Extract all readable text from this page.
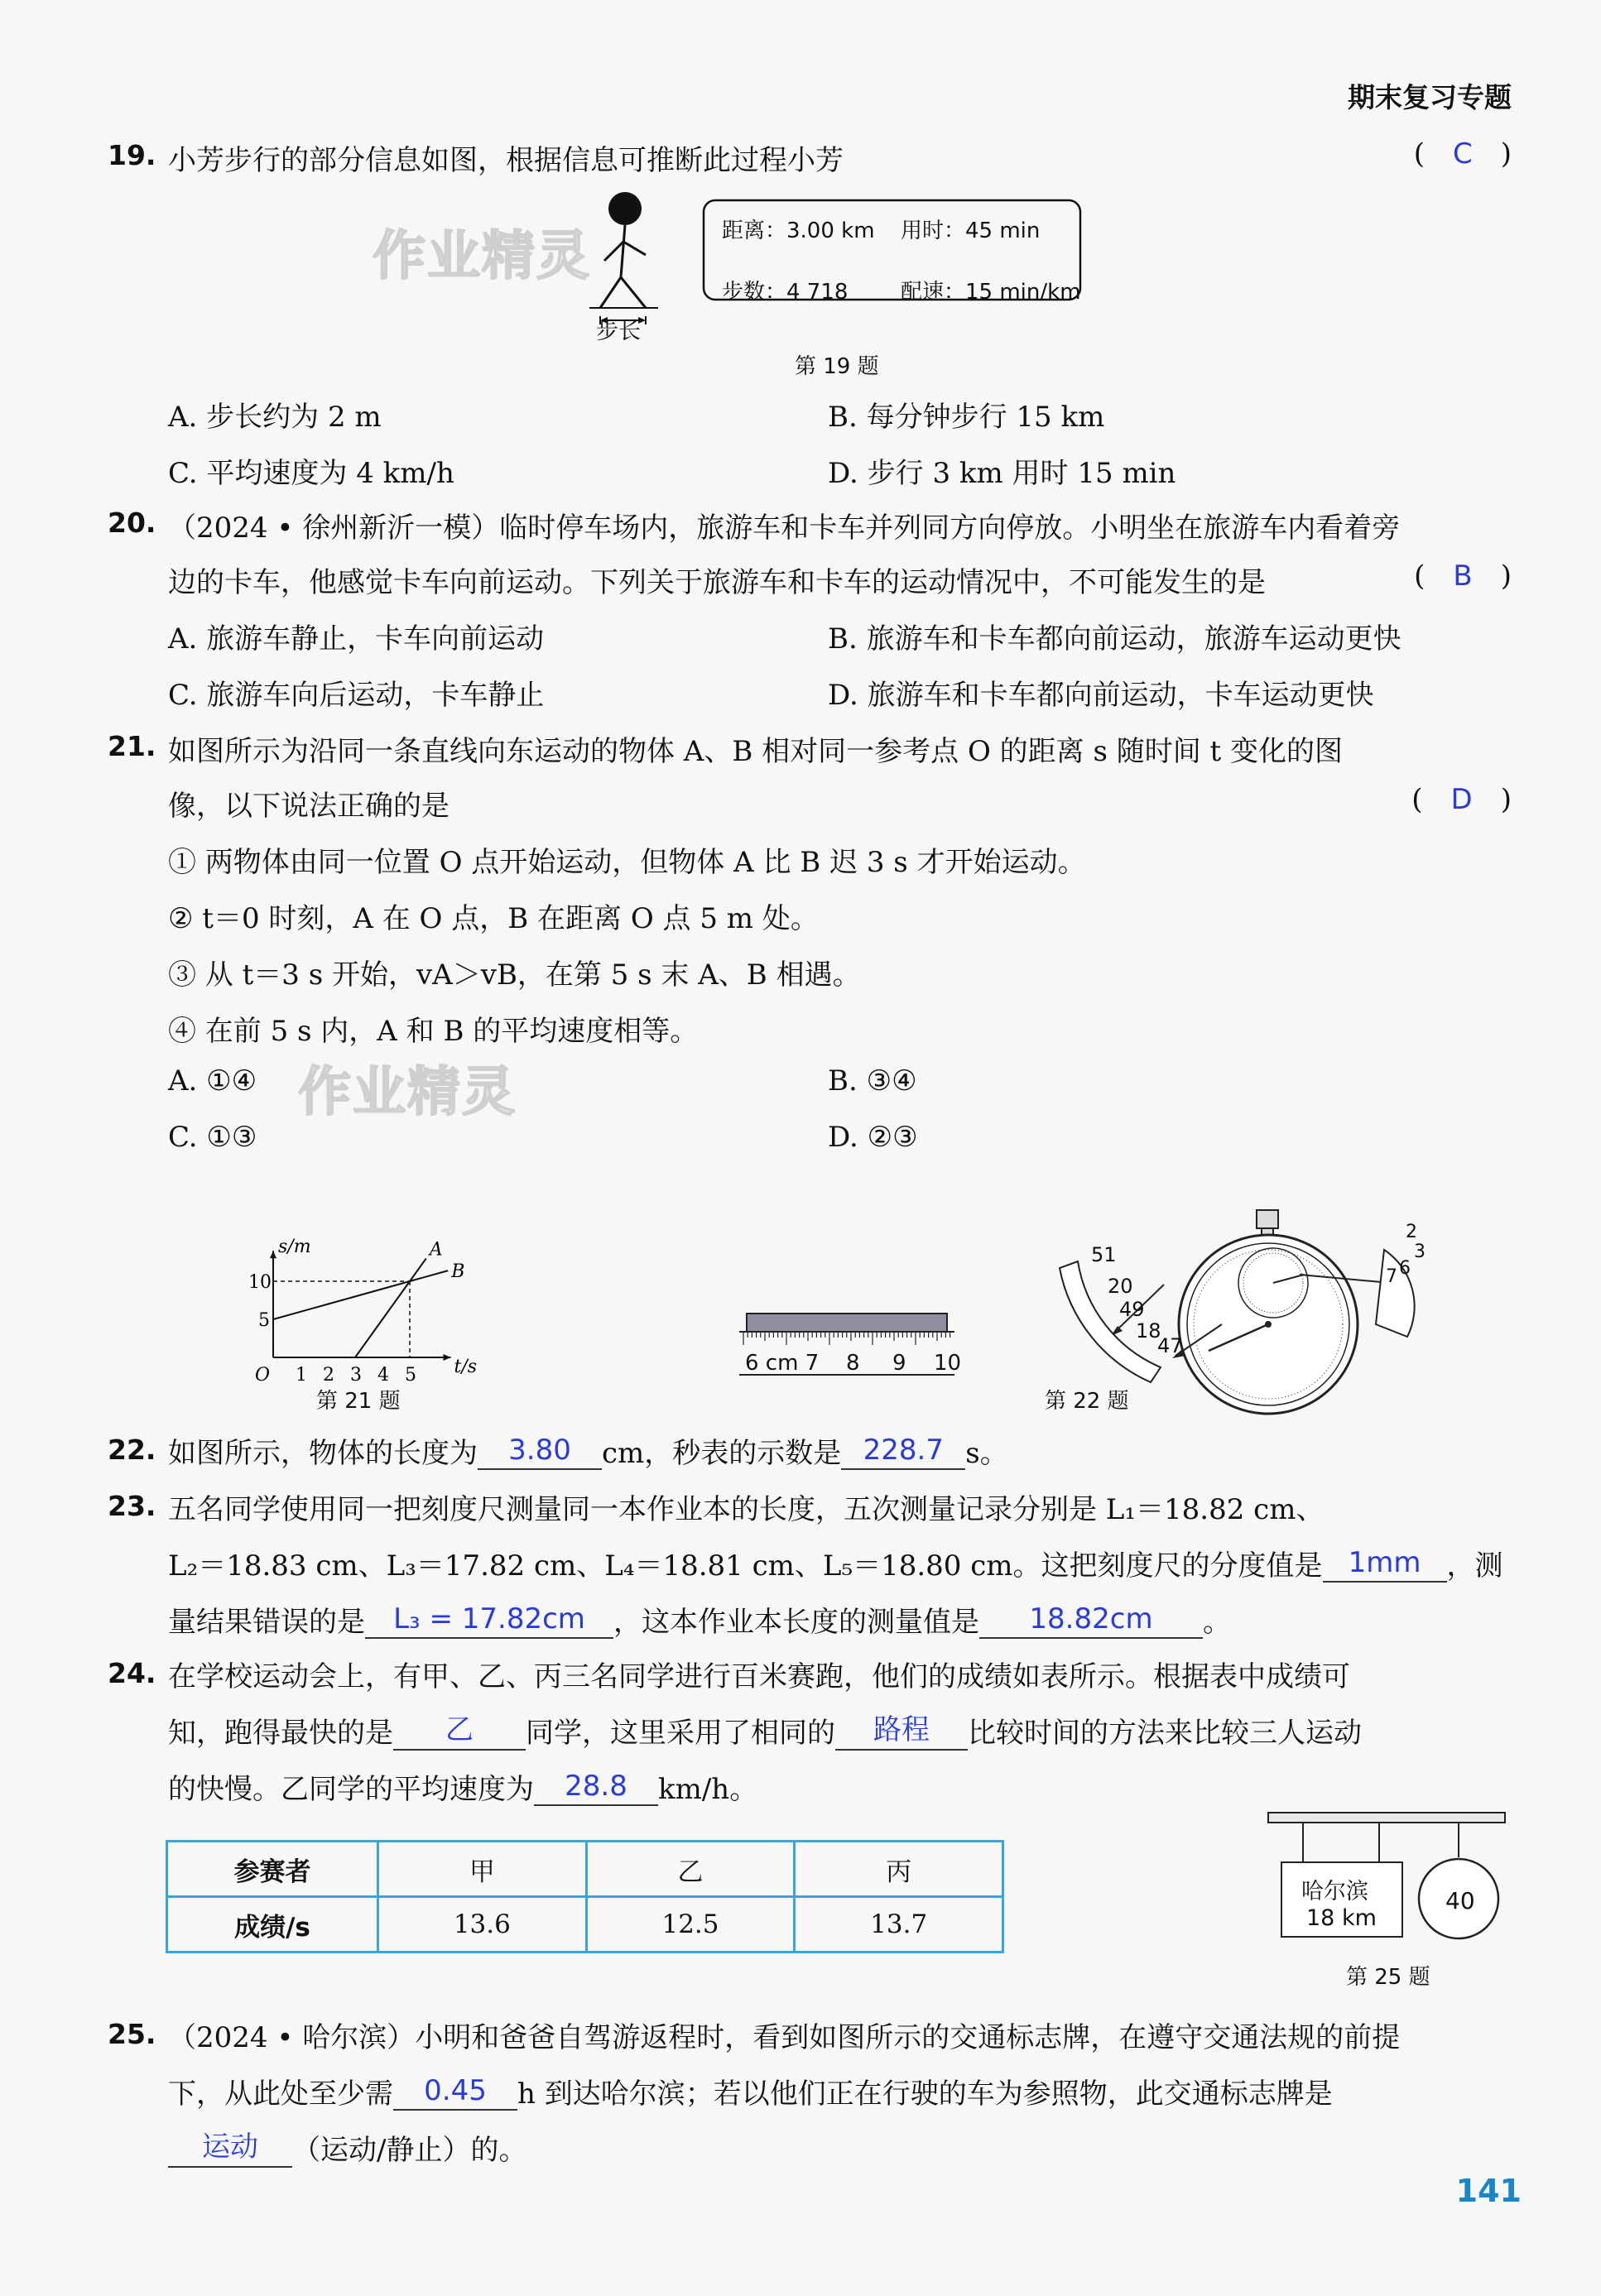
期末复习专题
19. 小芳步行的部分信息如图，根据信息可推断此过程小芳	( C )
作业精灵
步长
距离：3.00 km 用时：45 min
步数：4 718 配速：15 min/km
第 19 题
A. 步长约为 2 m	B. 每分钟步行 15 km
C. 平均速度为 4 km/h	D. 步行 3 km 用时 15 min
20. （2024 • 徐州新沂一模）临时停车场内，旅游车和卡车并列同方向停放。小明坐在旅游车内看着旁
边的卡车，他感觉卡车向前运动。下列关于旅游车和卡车的运动情况中，不可能发生的是	( B )
A. 旅游车静止，卡车向前运动	B. 旅游车和卡车都向前运动，旅游车运动更快
C. 旅游车向后运动，卡车静止	D. 旅游车和卡车都向前运动，卡车运动更快
21. 如图所示为沿同一条直线向东运动的物体 A、B 相对同一参考点 O 的距离 s 随时间 t 变化的图
像，以下说法正确的是	( D )
① 两物体由同一位置 O 点开始运动，但物体 A 比 B 迟 3 s 才开始运动。
② t＝0 时刻，A 在 O 点，B 在距离 O 点 5 m 处。
③ 从 t＝3 s 开始，vA＞vB，在第 5 s 末 A、B 相遇。
④ 在前 5 s 内，A 和 B 的平均速度相等。
A. ①④ 作业精灵	B. ③④
C. ①③	D. ②③
t/s
s/m
O 1 2 3 4 5
5
10
A
B
第 21 题
6 cm 7 8 9 10
51
20
49
18
47
2
3
6
7
第 22 题
22. 如图所示，物体的长度为 3.80 cm，秒表的示数是 228.7 s。
23. 五名同学使用同一把刻度尺测量同一本作业本的长度，五次测量记录分别是 L₁＝18.82 cm、
L₂＝18.83 cm、L₃＝17.82 cm、L₄＝18.81 cm、L₅＝18.80 cm。这把刻度尺的分度值是 1mm ，测
量结果错误的是 L₃ = 17.82cm ，这本作业本长度的测量值是 18.82cm 。
24. 在学校运动会上，有甲、乙、丙三名同学进行百米赛跑，他们的成绩如表所示。根据表中成绩可
知，跑得最快的是 乙 同学，这里采用了相同的 路程 比较时间的方法来比较三人运动
的快慢。乙同学的平均速度为 28.8 km/h。
参赛者	甲	乙	丙
成绩/s	13.6	12.5	13.7
哈尔滨
18 km
40
第 25 题
25. （2024 • 哈尔滨）小明和爸爸自驾游返程时，看到如图所示的交通标志牌，在遵守交通法规的前提
下，从此处至少需 0.45 h 到达哈尔滨；若以他们正在行驶的车为参照物，此交通标志牌是
运动 （运动/静止）的。
141
